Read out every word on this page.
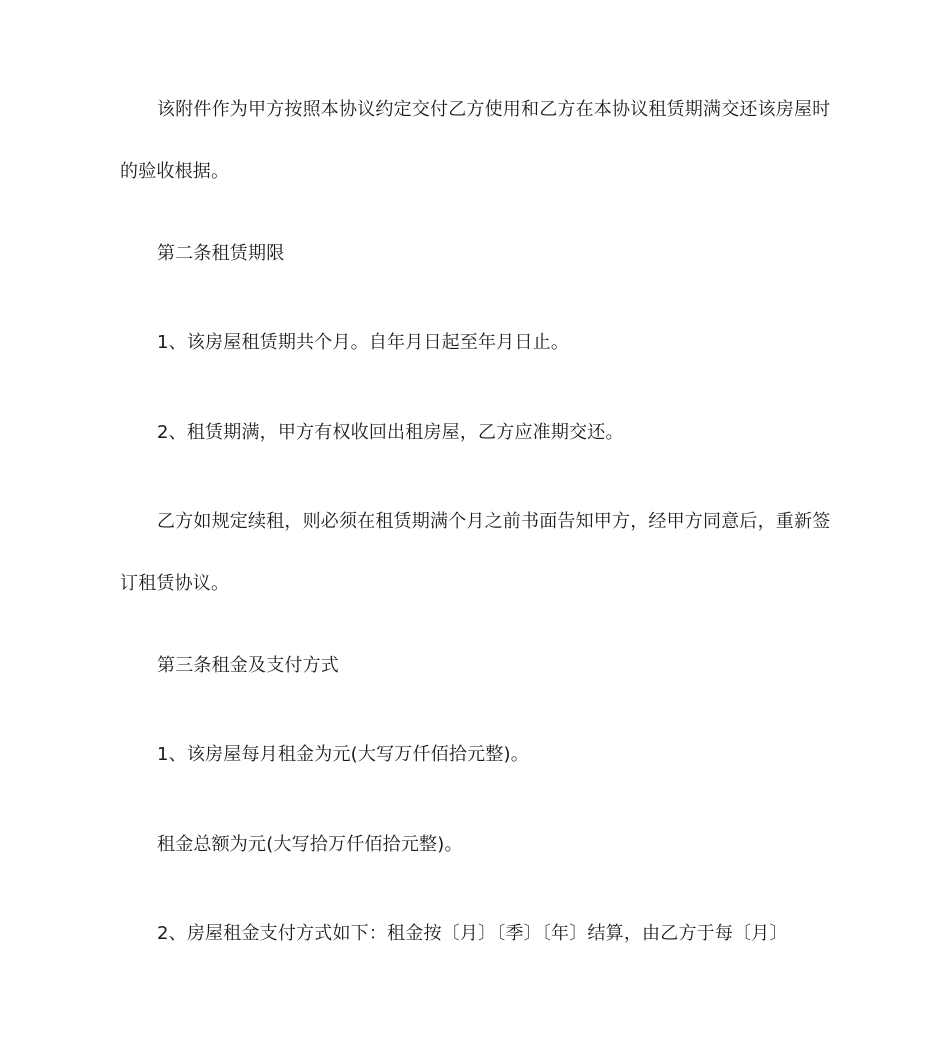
该附件作为甲方按照本协议约定交付乙方使用和乙方在本协议租赁期满交还该房屋时的验收根据。

第二条租赁期限

1、该房屋租赁期共个月。自年月日起至年月日止。

2、租赁期满，甲方有权收回出租房屋，乙方应准期交还。

乙方如规定续租，则必须在租赁期满个月之前书面告知甲方，经甲方同意后，重新签订租赁协议。

第三条租金及支付方式

1、该房屋每月租金为元(大写万仟佰拾元整)。

租金总额为元(大写拾万仟佰拾元整)。

2、房屋租金支付方式如下：租金按〔月〕〔季〕〔年〕结算，由乙方于每〔月〕
